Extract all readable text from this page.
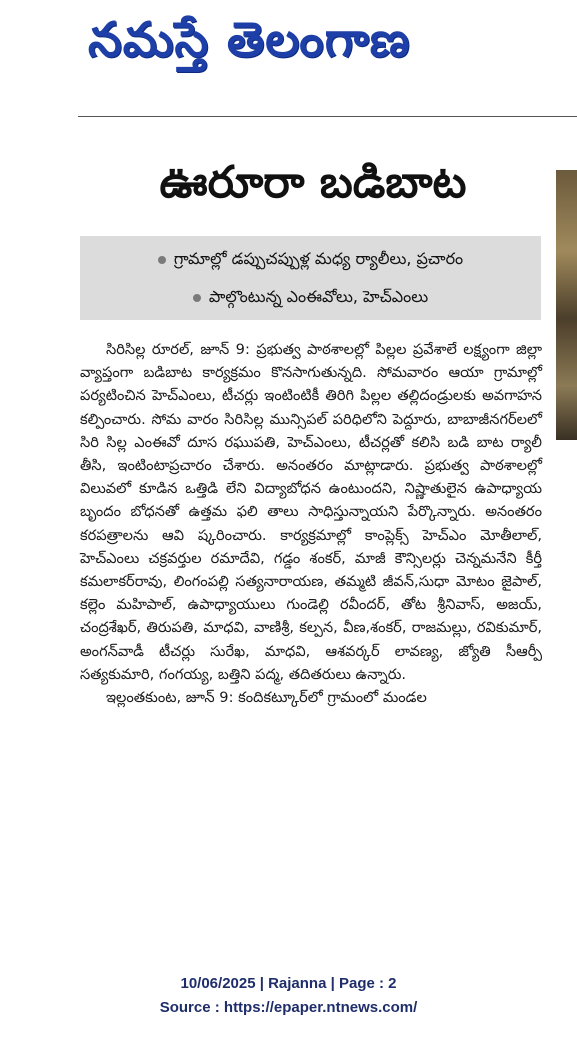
నమస్తే తెలంగాణ
ఊరూరా బడిబాట
గ్రామాల్లో డప్పుచప్పుళ్ల మధ్య ర్యాలీలు, ప్రచారం
పాల్గొంటున్న ఎంఈవోలు, హెచ్ఎంలు

సిరిసిల్ల రూరల్, జూన్ 9: ప్రభుత్వ పాఠశాలల్లో పిల్లల ప్రవేశాలే లక్ష్యంగా జిల్లా వ్యాప్తంగా బడిబాట కార్యక్రమం కొనసాగుతున్నది. సోమవారం ఆయా గ్రామాల్లో పర్యటించిన హెచ్ఎంలు, టీచర్లు ఇంటింటికీ తిరిగి పిల్లల తల్లిదండ్రులకు అవగాహన కల్పించారు. సోమ వారం సిరిసిల్ల మున్సిపల్ పరిధిలోని పెద్దూరు, బాబాజీనగర్‌లలో సిరి సిల్ల ఎంఈవో దూస రఘుపతి, హెచ్ఎంలు, టీచర్లతో కలిసి బడి బాట ర్యాలీ తీసి, ఇంటింటాప్రచారం చేశారు. అనంతరం మాట్లాడారు. ప్రభుత్వ పాఠశాలల్లో విలువలో కూడిన ఒత్తిడి లేని విద్యాబోధన ఉంటుందని, నిష్ణాతులైన ఉపాధ్యాయ బృందం బోధనతో ఉత్తమ ఫలి తాలు సాధిస్తున్నాయని పేర్కొన్నారు. అనంతరం కరపత్రాలను ఆవి ష్కరించారు. కార్యక్రమాల్లో కాంప్లెక్స్ హెచ్ఎం మోతీలాల్, హెచ్ఎంలు చక్రవర్తుల రమాదేవి, గడ్డం శంకర్, మాజీ కౌన్సిలర్లు చెన్నమనేని కీర్తీ కమలాకర్‌రావు, లింగంపల్లి సత్యనారాయణ, తమ్మటి జీవన్,సుధా మోటం జైపాల్, కల్లెం మహిపాల్, ఉపాధ్యాయులు గుండెల్లి రవీందర్, తోట శ్రీనివాస్, అజయ్, చంద్రశేఖర్, తిరుపతి, మాధవి, వాణిశ్రీ, కల్పన, వీణ,శంకర్, రాజమల్లు, రవికుమార్, అంగన్‌వాడీ టీచర్లు సురేఖ, మాధవి, ఆశవర్కర్ లావణ్య, జ్యోతి సీఆర్పీ సత్యకుమారి, గంగయ్య, బత్తిని పద్మ, తదితరులు ఉన్నారు.

ఇల్లంతకుంట, జూన్ 9: కందికట్కూర్‌లో గ్రామంలో మండల

10/06/2025 | Rajanna | Page : 2
Source : https://epaper.ntnews.com/
